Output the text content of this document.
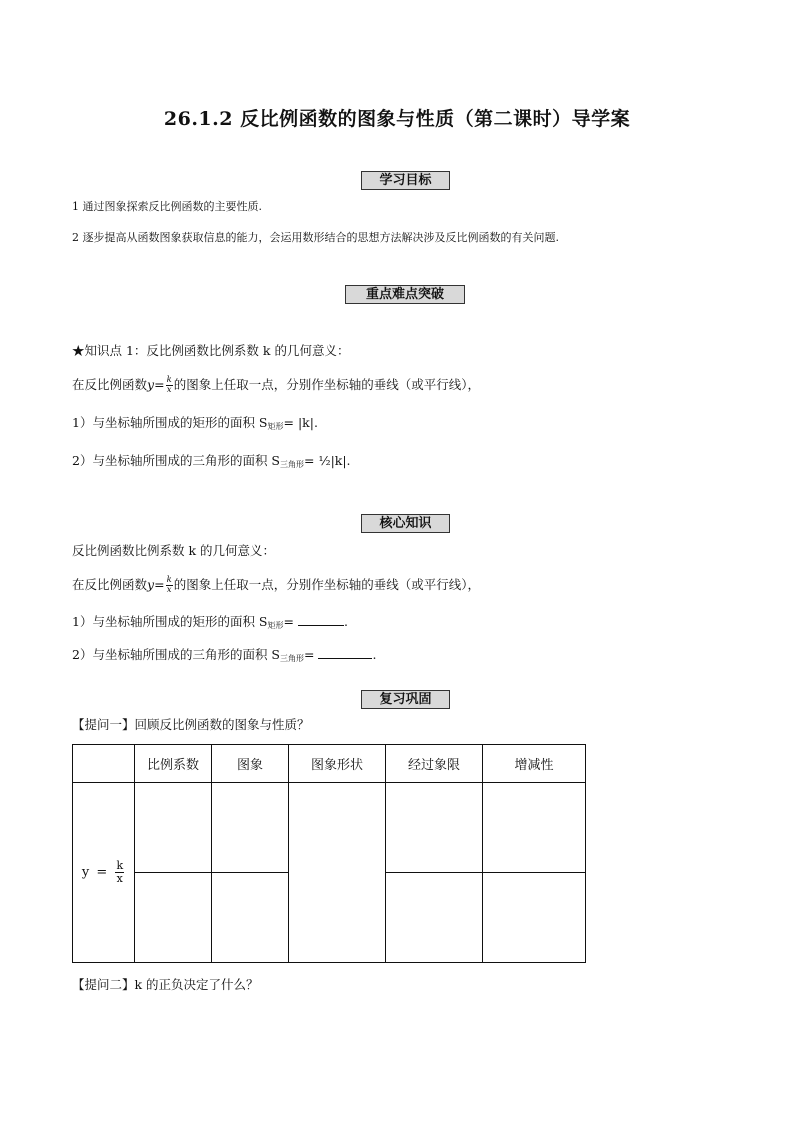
26.1.2 反比例函数的图象与性质（第二课时）导学案
学习目标
1 通过图象探索反比例函数的主要性质.
2 逐步提高从函数图象获取信息的能力，会运用数形结合的思想方法解决涉及反比例函数的有关问题.
重点难点突破
★知识点 1：反比例函数比例系数 k 的几何意义：
在反比例函数$y= \frac{k}{x}$ 的图象上任取一点，分别作坐标轴的垂线（或平行线），
1）与坐标轴所围成的矩形的面积 $S_{矩形}= |k|$.
2）与坐标轴所围成的三角形的面积 $S_{三角形}=$ ½|k|.
核心知识
反比例函数比例系数 k 的几何意义：
在反比例函数$y= \frac{k}{x}$ 的图象上任取一点，分别作坐标轴的垂线（或平行线），
1）与坐标轴所围成的矩形的面积 $S_{矩形}=$	.
2）与坐标轴所围成的三角形的面积 $S_{三角形}=$	.
复习巩固
【提问一】回顾反比例函数的图象与性质？
	比例系数	图象	图象形状	经过象限	增减性
$y = \frac{k}{x}$

【提问二】k 的正负决定了什么？
